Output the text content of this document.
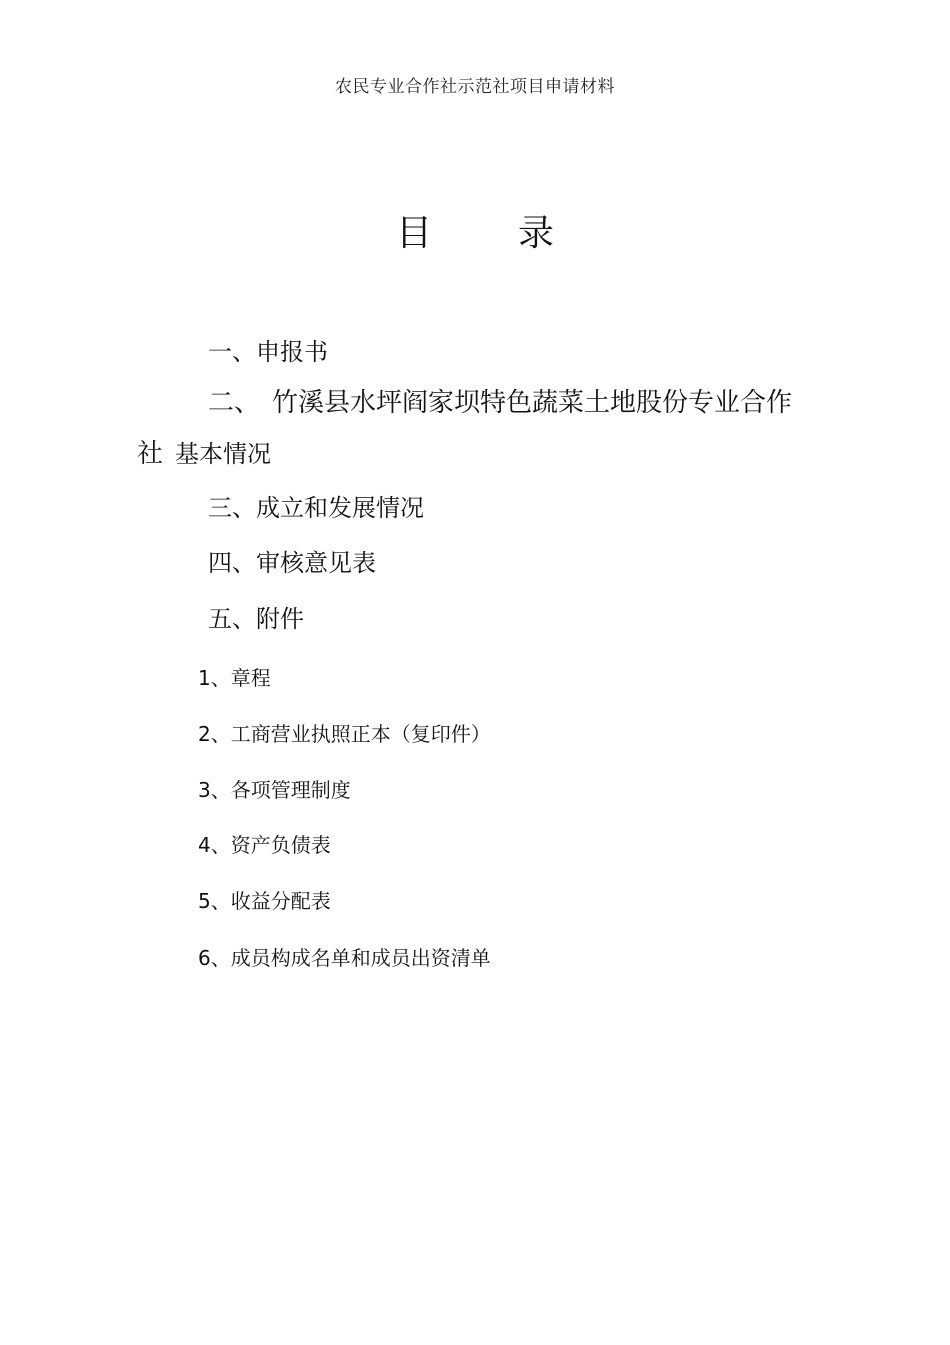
农民专业合作社示范社项目申请材料
目 录
一、申报书
二、 竹溪县水坪阎家坝特色蔬菜土地股份专业合作社 基本情况
三、成立和发展情况
四、审核意见表
五、附件
1、章程
2、工商营业执照正本（复印件）
3、各项管理制度
4、资产负债表
5、收益分配表
6、成员构成名单和成员出资清单
